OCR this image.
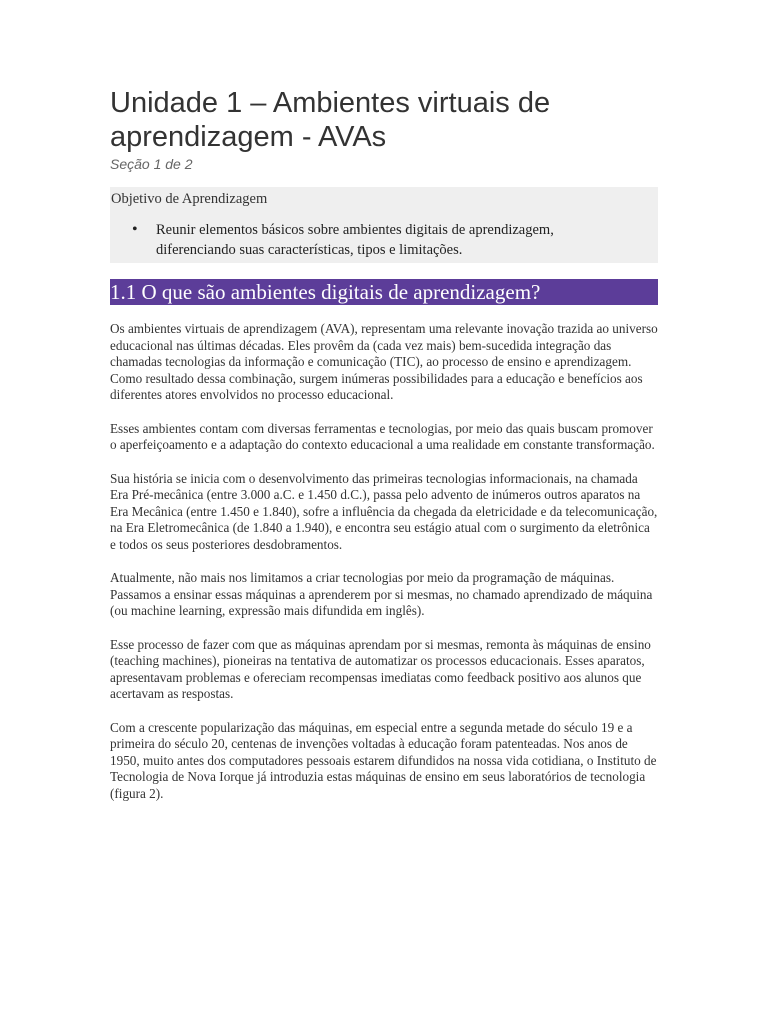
Unidade 1 – Ambientes virtuais de aprendizagem - AVAs
Seção 1 de 2
Objetivo de Aprendizagem
• Reunir elementos básicos sobre ambientes digitais de aprendizagem, diferenciando suas características, tipos e limitações.
1.1 O que são ambientes digitais de aprendizagem?

Os ambientes virtuais de aprendizagem (AVA), representam uma relevante inovação trazida ao universo educacional nas últimas décadas. Eles provêm da (cada vez mais) bem-sucedida integração das chamadas tecnologias da informação e comunicação (TIC), ao processo de ensino e aprendizagem. Como resultado dessa combinação, surgem inúmeras possibilidades para a educação e benefícios aos diferentes atores envolvidos no processo educacional.

Esses ambientes contam com diversas ferramentas e tecnologias, por meio das quais buscam promover o aperfeiçoamento e a adaptação do contexto educacional a uma realidade em constante transformação.

Sua história se inicia com o desenvolvimento das primeiras tecnologias informacionais, na chamada Era Pré-mecânica (entre 3.000 a.C. e 1.450 d.C.), passa pelo advento de inúmeros outros aparatos na Era Mecânica (entre 1.450 e 1.840), sofre a influência da chegada da eletricidade e da telecomunicação, na Era Eletromecânica (de 1.840 a 1.940), e encontra seu estágio atual com o surgimento da eletrônica e todos os seus posteriores desdobramentos.

Atualmente, não mais nos limitamos a criar tecnologias por meio da programação de máquinas. Passamos a ensinar essas máquinas a aprenderem por si mesmas, no chamado aprendizado de máquina (ou machine learning, expressão mais difundida em inglês).

Esse processo de fazer com que as máquinas aprendam por si mesmas, remonta às máquinas de ensino (teaching machines), pioneiras na tentativa de automatizar os processos educacionais. Esses aparatos, apresentavam problemas e ofereciam recompensas imediatas como feedback positivo aos alunos que acertavam as respostas.

Com a crescente popularização das máquinas, em especial entre a segunda metade do século 19 e a primeira do século 20, centenas de invenções voltadas à educação foram patenteadas. Nos anos de 1950, muito antes dos computadores pessoais estarem difundidos na nossa vida cotidiana, o Instituto de Tecnologia de Nova Iorque já introduzia estas máquinas de ensino em seus laboratórios de tecnologia (figura 2).
